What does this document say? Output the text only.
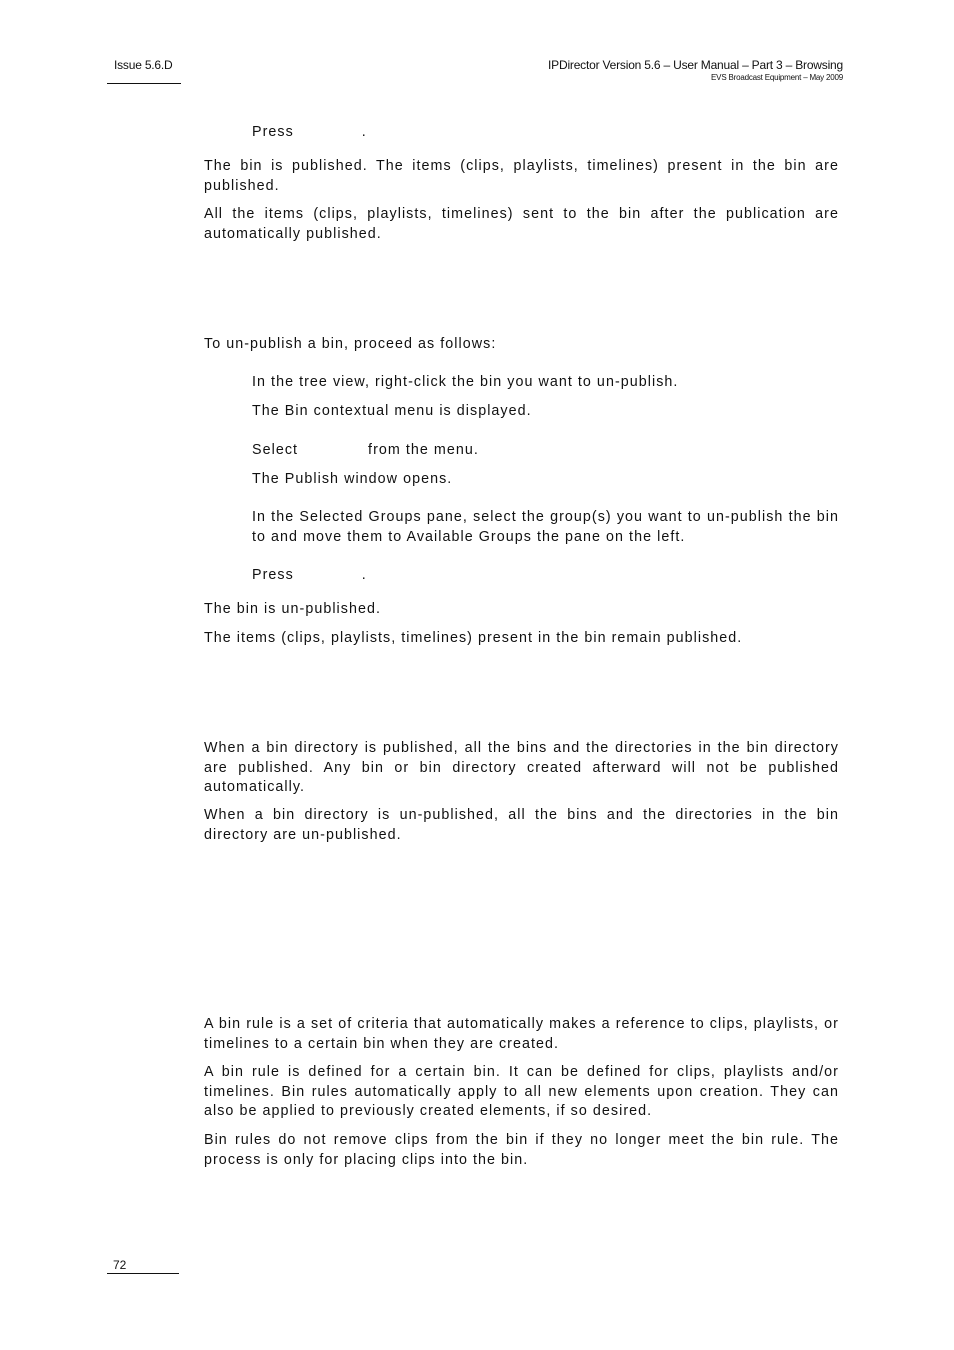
Issue 5.6.D	IPDirector Version 5.6 – User Manual – Part 3 – Browsing
EVS Broadcast Equipment – May 2009
Press	.
The bin is published. The items (clips, playlists, timelines) present in the bin are published.
All the items (clips, playlists, timelines) sent to the bin after the publication are automatically published.
To un-publish a bin, proceed as follows:
In the tree view, right-click the bin you want to un-publish.
The Bin contextual menu is displayed.
Select	from the menu.
The Publish window opens.
In the Selected Groups pane, select the group(s) you want to un-publish the bin to and move them to Available Groups the pane on the left.
Press	.
The bin is un-published.
The items (clips, playlists, timelines) present in the bin remain published.
When a bin directory is published, all the bins and the directories in the bin directory are published. Any bin or bin directory created afterward will not be published automatically.
When a bin directory is un-published, all the bins and the directories in the bin directory are un-published.
A bin rule is a set of criteria that automatically makes a reference to clips, playlists, or timelines to a certain bin when they are created.
A bin rule is defined for a certain bin. It can be defined for clips, playlists and/or timelines. Bin rules automatically apply to all new elements upon creation. They can also be applied to previously created elements, if so desired.
Bin rules do not remove clips from the bin if they no longer meet the bin rule. The process is only for placing clips into the bin.
72
